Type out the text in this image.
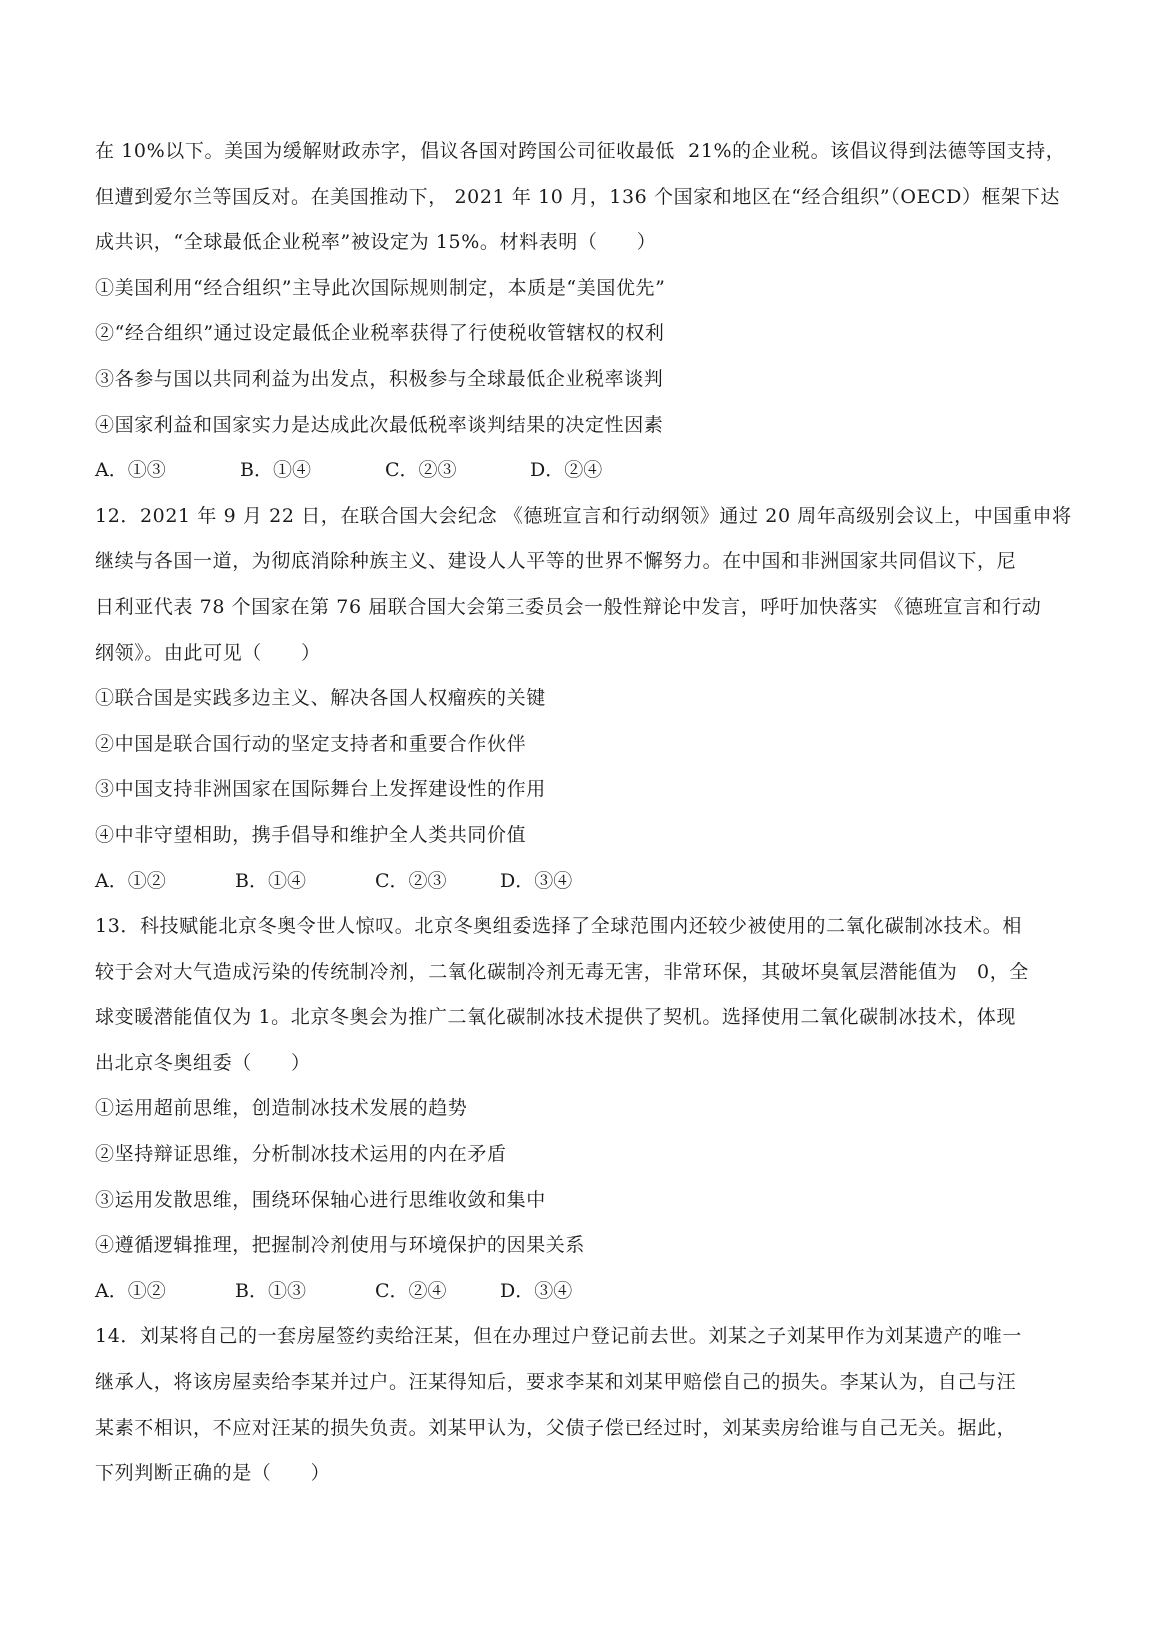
在 10%以下。美国为缓解财政赤字，倡议各国对跨国公司征收最低  21%的企业税。该倡议得到法德等国支持，
但遭到爱尔兰等国反对。在美国推动下， 2021 年 10 月，136 个国家和地区在“经合组织”（OECD）框架下达
成共识，“全球最低企业税率”被设定为 15%。材料表明（　　）
①美国利用“经合组织”主导此次国际规则制定，本质是“美国优先”
②“经合组织”通过设定最低企业税率获得了行使税收管辖权的权利
③各参与国以共同利益为出发点，积极参与全球最低企业税率谈判
④国家利益和国家实力是达成此次最低税率谈判结果的决定性因素
A．①③	B．①④	C．②③	D．②④
12．2021 年 9 月 22 日，在联合国大会纪念 《德班宣言和行动纲领》通过 20 周年高级别会议上，中国重申将
继续与各国一道，为彻底消除种族主义、建设人人平等的世界不懈努力。在中国和非洲国家共同倡议下，尼
日利亚代表 78 个国家在第 76 届联合国大会第三委员会一般性辩论中发言，呼吁加快落实 《德班宣言和行动
纲领》。由此可见（　　）
①联合国是实践多边主义、解决各国人权瘤疾的关键
②中国是联合国行动的坚定支持者和重要合作伙伴
③中国支持非洲国家在国际舞台上发挥建设性的作用
④中非守望相助，携手倡导和维护全人类共同价值
A．①②	B．①④	C．②③	D．③④
13．科技赋能北京冬奥令世人惊叹。北京冬奥组委选择了全球范围内还较少被使用的二氧化碳制冰技术。相
较于会对大气造成污染的传统制冷剂，二氧化碳制冷剂无毒无害，非常环保，其破坏臭氧层潜能值为　0，全
球变暖潜能值仅为 1。北京冬奥会为推广二氧化碳制冰技术提供了契机。选择使用二氧化碳制冰技术，体现
出北京冬奥组委（　　）
①运用超前思维，创造制冰技术发展的趋势
②坚持辩证思维，分析制冰技术运用的内在矛盾
③运用发散思维，围绕环保轴心进行思维收敛和集中
④遵循逻辑推理，把握制冷剂使用与环境保护的因果关系
A．①②	B．①③	C．②④	D．③④
14．刘某将自己的一套房屋签约卖给汪某，但在办理过户登记前去世。刘某之子刘某甲作为刘某遗产的唯一
继承人，将该房屋卖给李某并过户。汪某得知后，要求李某和刘某甲赔偿自己的损失。李某认为，自己与汪
某素不相识，不应对汪某的损失负责。刘某甲认为，父债子偿已经过时，刘某卖房给谁与自己无关。据此，
下列判断正确的是（　　）
